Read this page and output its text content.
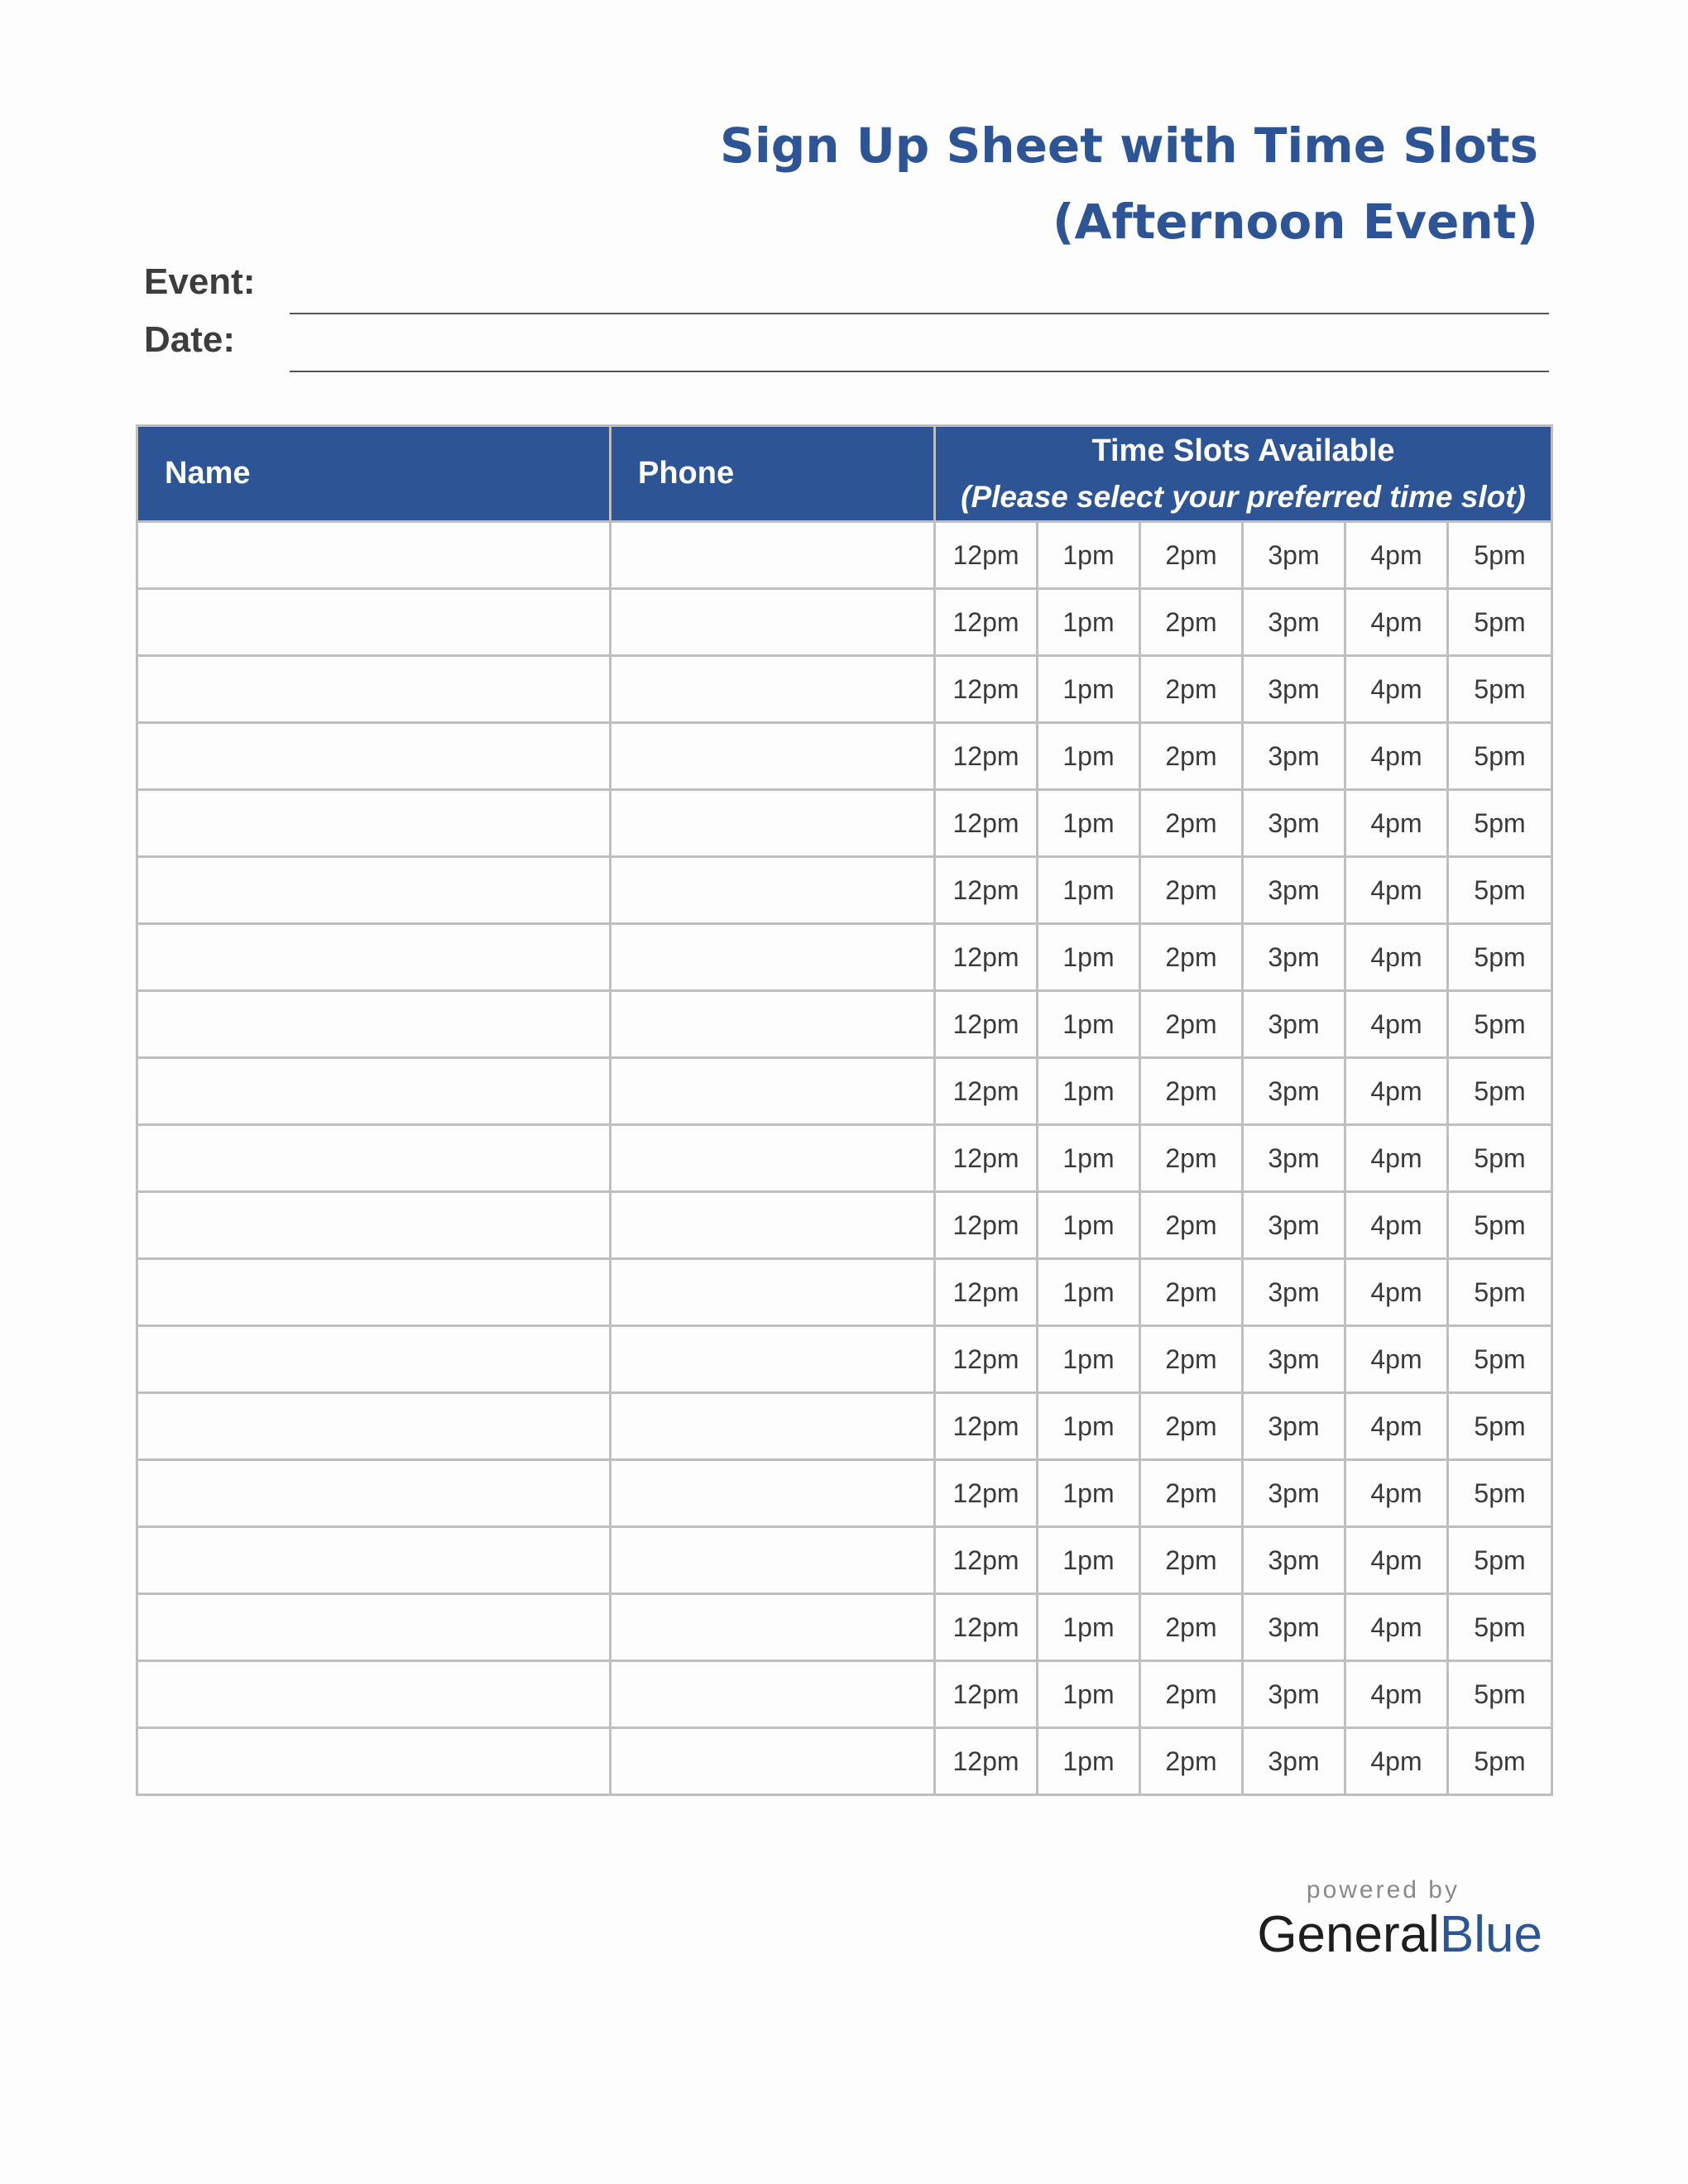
Sign Up Sheet with Time Slots
(Afternoon Event)
Event:
Date:
Name	Phone	Time Slots Available
(Please select your preferred time slot)					

		12pm	1pm	2pm	3pm	4pm	5pm
		12pm	1pm	2pm	3pm	4pm	5pm
		12pm	1pm	2pm	3pm	4pm	5pm
		12pm	1pm	2pm	3pm	4pm	5pm
		12pm	1pm	2pm	3pm	4pm	5pm
		12pm	1pm	2pm	3pm	4pm	5pm
		12pm	1pm	2pm	3pm	4pm	5pm
		12pm	1pm	2pm	3pm	4pm	5pm
		12pm	1pm	2pm	3pm	4pm	5pm
		12pm	1pm	2pm	3pm	4pm	5pm
		12pm	1pm	2pm	3pm	4pm	5pm
		12pm	1pm	2pm	3pm	4pm	5pm
		12pm	1pm	2pm	3pm	4pm	5pm
		12pm	1pm	2pm	3pm	4pm	5pm
		12pm	1pm	2pm	3pm	4pm	5pm
		12pm	1pm	2pm	3pm	4pm	5pm
		12pm	1pm	2pm	3pm	4pm	5pm
		12pm	1pm	2pm	3pm	4pm	5pm
		12pm	1pm	2pm	3pm	4pm	5pm
powered by
GeneralBlue
